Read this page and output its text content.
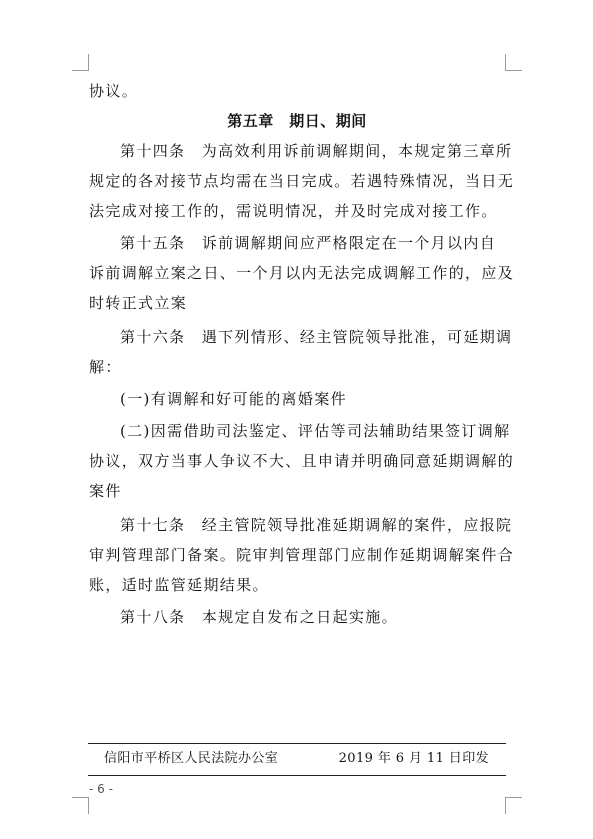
协议。
第五章　期日、期间
第十四条　为高效利用诉前调解期间，本规定第三章所
规定的各对接节点均需在当日完成。若遇特殊情况，当日无
法完成对接工作的，需说明情况，并及时完成对接工作。
第十五条　诉前调解期间应严格限定在一个月以内自
诉前调解立案之日、一个月以内无法完成调解工作的，应及
时转正式立案
第十六条　遇下列情形、经主管院领导批准，可延期调
解：
(一)有调解和好可能的离婚案件
(二)因需借助司法鉴定、评估等司法辅助结果签订调解
协议，双方当事人争议不大、且申请并明确同意延期调解的
案件
第十七条　经主管院领导批准延期调解的案件，应报院
审判管理部门备案。院审判管理部门应制作延期调解案件合
账，适时监管延期结果。
第十八条　本规定自发布之日起实施。
信阳市平桥区人民法院办公室	2019 年 6 月 11 日印发
- 6 -
